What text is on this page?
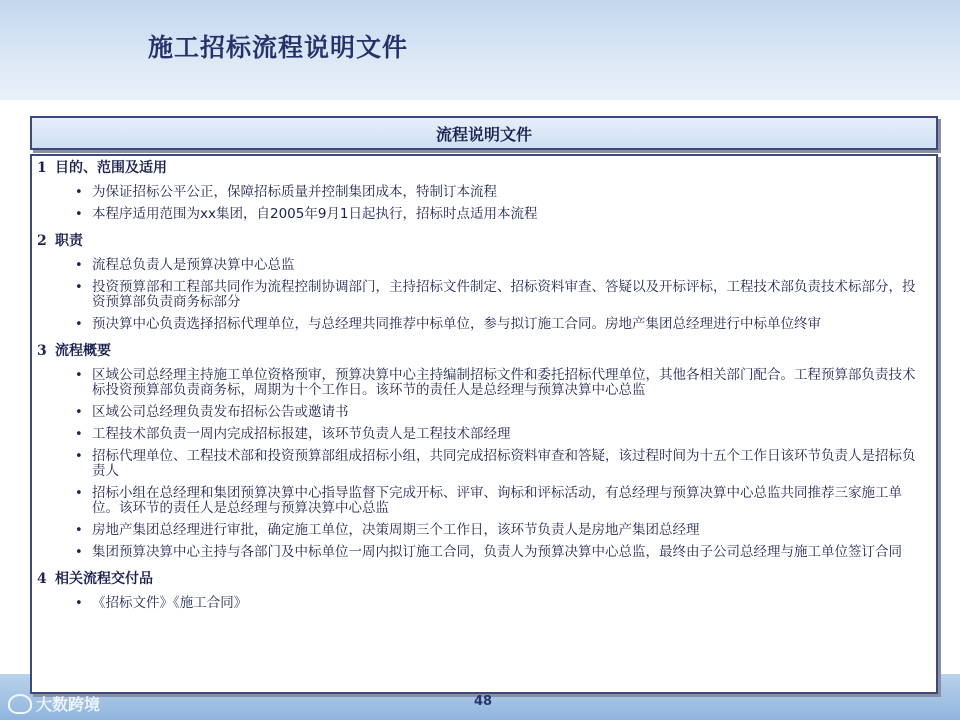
施工招标流程说明文件
流程说明文件
1 目的、范围及适用
• 为保证招标公平公正，保障招标质量并控制集团成本，特制订本流程
• 本程序适用范围为xx集团，自2005年9月1日起执行，招标时点适用本流程
2 职责
• 流程总负责人是预算决算中心总监
• 投资预算部和工程部共同作为流程控制协调部门，主持招标文件制定、招标资料审查、答疑以及开标评标，工程技术部负责技术标部分，投资预算部负责商务标部分
• 预决算中心负责选择招标代理单位，与总经理共同推荐中标单位，参与拟订施工合同。房地产集团总经理进行中标单位终审
3 流程概要
• 区域公司总经理主持施工单位资格预审，预算决算中心主持编制招标文件和委托招标代理单位，其他各相关部门配合。工程预算部负责技术标投资预算部负责商务标，周期为十个工作日。该环节的责任人是总经理与预算决算中心总监
• 区域公司总经理负责发布招标公告或邀请书
• 工程技术部负责一周内完成招标报建，该环节负责人是工程技术部经理
• 招标代理单位、工程技术部和投资预算部组成招标小组，共同完成招标资料审查和答疑，该过程时间为十五个工作日该环节负责人是招标负责人
• 招标小组在总经理和集团预算决算中心指导监督下完成开标、评审、询标和评标活动，有总经理与预算决算中心总监共同推荐三家施工单位。该环节的责任人是总经理与预算决算中心总监
• 房地产集团总经理进行审批，确定施工单位，决策周期三个工作日，该环节负责人是房地产集团总经理
• 集团预算决算中心主持与各部门及中标单位一周内拟订施工合同，负责人为预算决算中心总监，最终由子公司总经理与施工单位签订合同
4 相关流程交付品
• 《招标文件》《施工合同》
48
大数跨境
